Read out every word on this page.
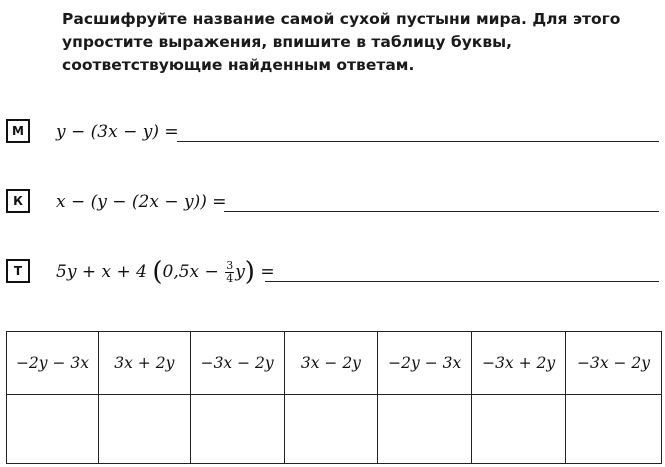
Расшифруйте название самой сухой пустыни мира. Для этого упростите выражения, впишите в таблицу буквы, соответствующие найденным ответам.

М	y − (3x − y) =
К	x − (y − (2x − y)) =
Т	5y + x + 4 $(0,5x - \frac{3}{4} y)$ =
−2y − 3x	3x + 2y	−3x − 2y	3x − 2y	−2y − 3x	−3x + 2y	−3x − 2y
